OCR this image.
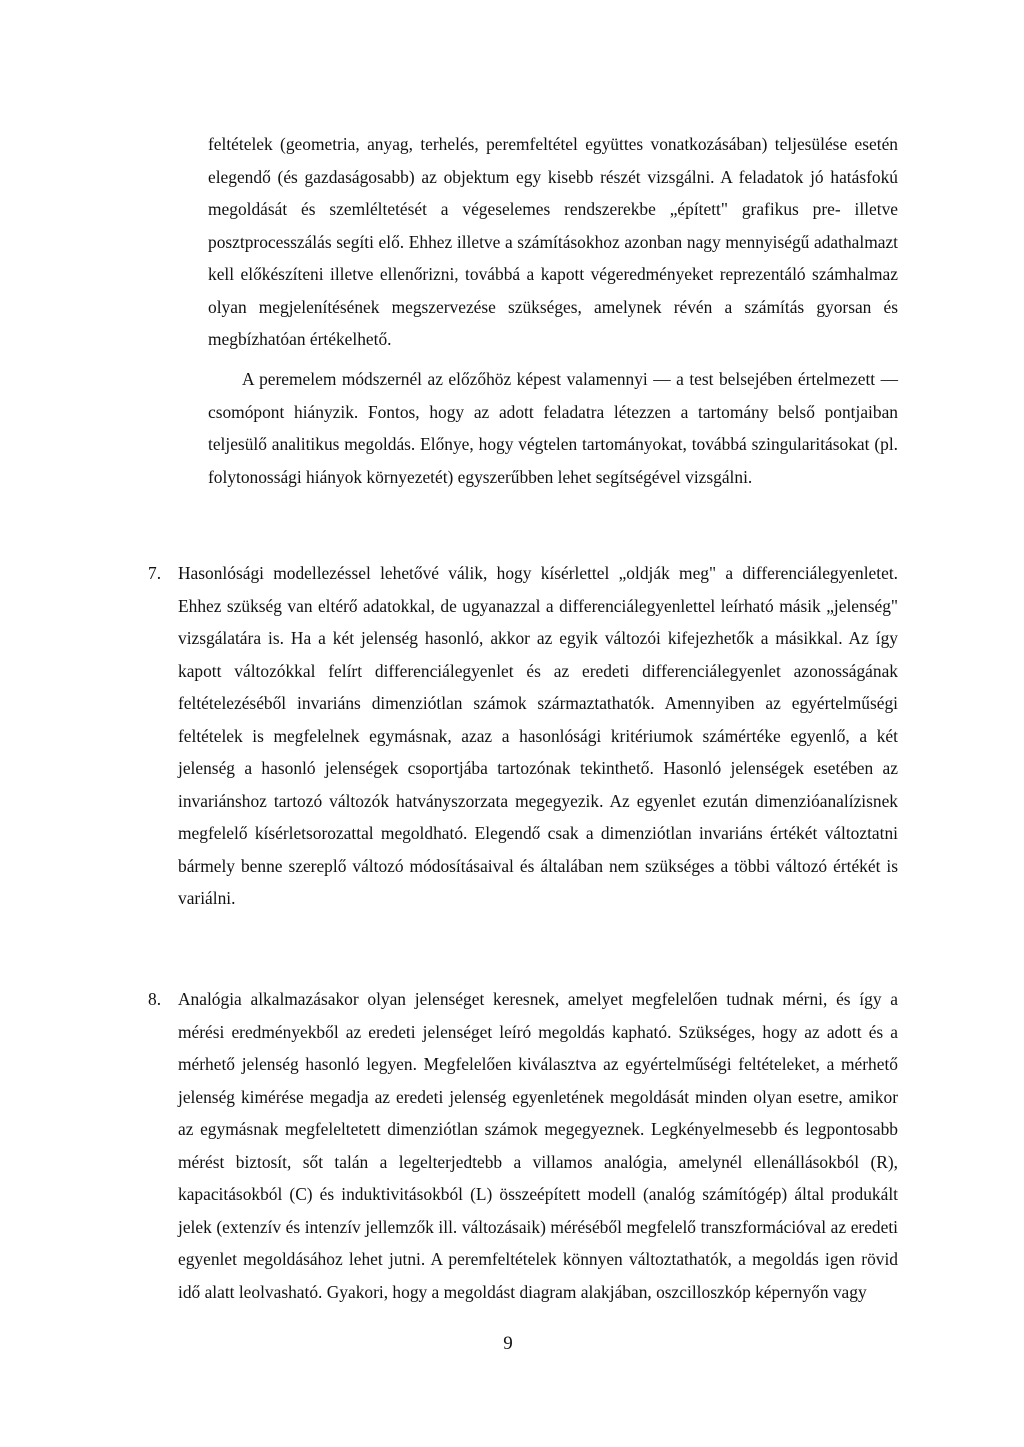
feltételek (geometria, anyag, terhelés, peremfeltétel együttes vonatkozásában) teljesülése esetén elegendő (és gazdaságosabb) az objektum egy kisebb részét vizsgálni. A feladatok jó hatásfokú megoldását és szemléltetését a végeselemes rendszerekbe „épített" grafikus pre- illetve posztprocesszálás segíti elő. Ehhez illetve a számításokhoz azonban nagy mennyiségű adathalmazt kell előkészíteni illetve ellenőrizni, továbbá a kapott végeredményeket reprezentáló számhalmaz olyan megjelenítésének megszervezése szükséges, amelynek révén a számítás gyorsan és megbízhatóan értékelhető.

A peremelem módszernél az előzőhöz képest valamennyi — a test belsejében értelmezett — csomópont hiányzik. Fontos, hogy az adott feladatra létezzen a tartomány belső pontjaiban teljesülő analitikus megoldás. Előnye, hogy végtelen tartományokat, továbbá szingularitásokat (pl. folytonossági hiányok környezetét) egyszerűbben lehet segítségével vizsgálni.

7. Hasonlósági modellezéssel lehetővé válik, hogy kísérlettel „oldják meg" a differenciálegyenletet. Ehhez szükség van eltérő adatokkal, de ugyanazzal a differenciálegyenlettel leírható másik „jelenség" vizsgálatára is. Ha a két jelenség hasonló, akkor az egyik változói kifejezhetők a másikkal. Az így kapott változókkal felírt differenciálegyenlet és az eredeti differenciálegyenlet azonosságának feltételezéséből invariáns dimenziótlan számok származtathatók. Amennyiben az egyértelműségi feltételek is megfelelnek egymásnak, azaz a hasonlósági kritériumok számértéke egyenlő, a két jelenség a hasonló jelenségek csoportjába tartozónak tekinthető. Hasonló jelenségek esetében az invariánshoz tartozó változók hatványszorzata megegyezik. Az egyenlet ezután dimenzióanalízisnek megfelelő kísérletsorozattal megoldható. Elegendő csak a dimenziótlan invariáns értékét változtatni bármely benne szereplő változó módosításaival és általában nem szükséges a többi változó értékét is variálni.
8. Analógia alkalmazásakor olyan jelenséget keresnek, amelyet megfelelően tudnak mérni, és így a mérési eredményekből az eredeti jelenséget leíró megoldás kapható. Szükséges, hogy az adott és a mérhető jelenség hasonló legyen. Megfelelően kiválasztva az egyértelműségi feltételeket, a mérhető jelenség kimérése megadja az eredeti jelenség egyenletének megoldását minden olyan esetre, amikor az egymásnak megfeleltetett dimenziótlan számok megegyeznek. Legkényelmesebb és legpontosabb mérést biztosít, sőt talán a legelterjedtebb a villamos analógia, amelynél ellenállásokból (R), kapacitásokból (C) és induktivitásokból (L) összeépített modell (analóg számítógép) által produkált jelek (extenzív és intenzív jellemzők ill. változásaik) méréséből megfelelő transzformációval az eredeti egyenlet megoldásához lehet jutni. A peremfeltételek könnyen változtathatók, a megoldás igen rövid idő alatt leolvasható. Gyakori, hogy a megoldást diagram alakjában, oszcilloszkóp képernyőn vagy
9
